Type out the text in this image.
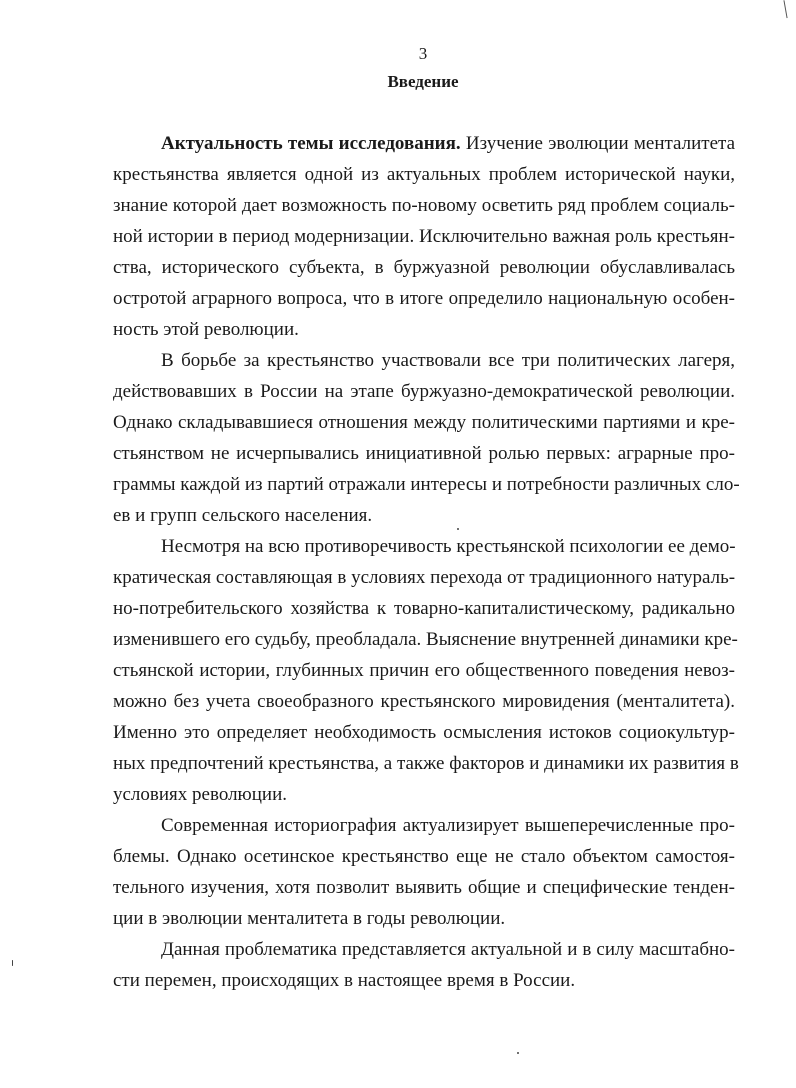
3
Введение
Актуальность темы исследования. Изучение эволюции менталитета
крестьянства является одной из актуальных проблем исторической науки,
знание которой дает возможность по-новому осветить ряд проблем социаль-
ной истории в период модернизации. Исключительно важная роль крестьян-
ства, исторического субъекта, в буржуазной революции обуславливалась
остротой аграрного вопроса, что в итоге определило национальную особен-
ность этой революции.
В борьбе за крестьянство участвовали все три политических лагеря,
действовавших в России на этапе буржуазно-демократической революции.
Однако складывавшиеся отношения между политическими партиями и кре-
стьянством не исчерпывались инициативной ролью первых: аграрные про-
граммы каждой из партий отражали интересы и потребности различных сло-
ев и групп сельского населения.
Несмотря на всю противоречивость крестьянской психологии ее демо-
кратическая составляющая в условиях перехода от традиционного натураль-
но-потребительского хозяйства к товарно-капиталистическому, радикально
изменившего его судьбу, преобладала. Выяснение внутренней динамики кре-
стьянской истории, глубинных причин его общественного поведения невоз-
можно без учета своеобразного крестьянского мировидения (менталитета).
Именно это определяет необходимость осмысления истоков социокультур-
ных предпочтений крестьянства, а также факторов и динамики их развития в
условиях революции.
Современная историография актуализирует вышеперечисленные про-
блемы. Однако осетинское крестьянство еще не стало объектом самостоя-
тельного изучения, хотя позволит выявить общие и специфические тенден-
ции в эволюции менталитета в годы революции.
Данная проблематика представляется актуальной и в силу масштабно-
сти перемен, происходящих в настоящее время в России.
